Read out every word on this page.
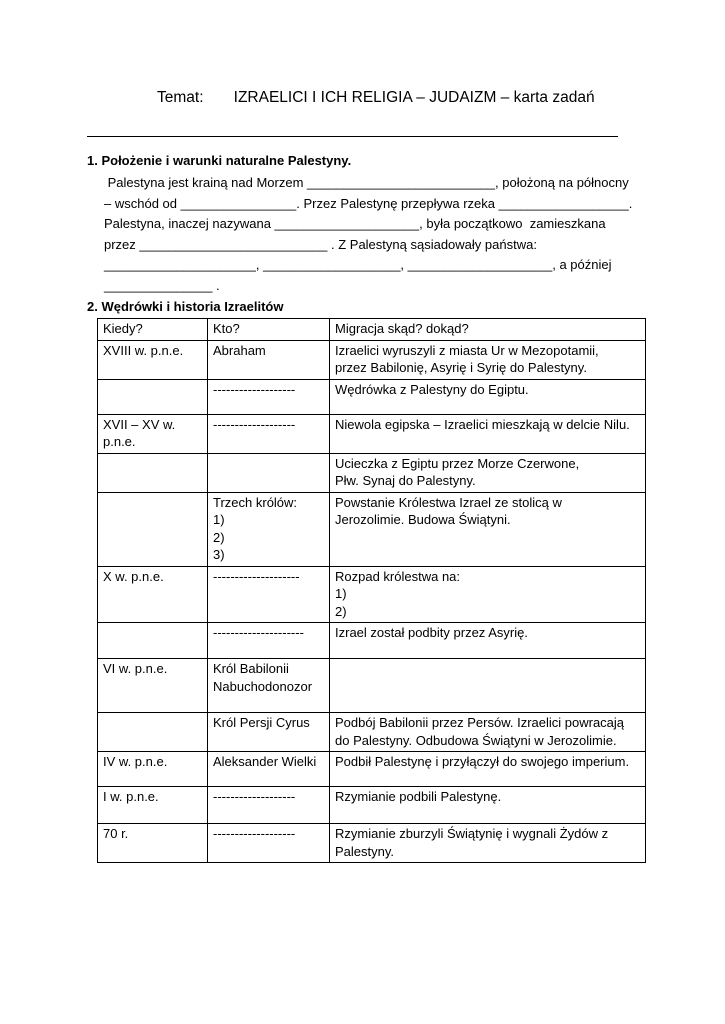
Temat:       IZRAELICI I ICH RELIGIA – JUDAIZM – karta zadań
1. Położenie i warunki naturalne Palestyny.
Palestyna jest krainą nad Morzem __________________________, położoną na północny
– wschód od ________________. Przez Palestynę przepływa rzeka __________________.
Palestyna, inaczej nazywana ____________________, była początkowo  zamieszkana
przez __________________________ . Z Palestyną sąsiadowały państwa:
_____________________, ___________________, ____________________, a później
_______________ .
2. Wędrówki i historia Izraelitów
Kiedy?	Kto?	Migracja skąd? dokąd?
XVIII w. p.n.e.	Abraham	Izraelici wyruszyli z miasta Ur w Mezopotamii,
przez Babilonię, Asyrię i Syrię do Palestyny.
	-------------------	Wędrówka z Palestyny do Egiptu.
XVII – XV w.
p.n.e.	-------------------	Niewola egipska – Izraelici mieszkają w delcie Nilu.
		Ucieczka z Egiptu przez Morze Czerwone,
Płw. Synaj do Palestyny.
	Trzech królów:
1)
2)
3)	Powstanie Królestwa Izrael ze stolicą w
Jerozolimie. Budowa Świątyni.
X w. p.n.e.	--------------------	Rozpad królestwa na:
1)
2)
	---------------------	Izrael został podbity przez Asyrię.
VI w. p.n.e.	Król Babilonii
Nabuchodonozor	
	Król Persji Cyrus	Podbój Babilonii przez Persów. Izraelici powracają
do Palestyny. Odbudowa Świątyni w Jerozolimie.
IV w. p.n.e.	Aleksander Wielki	Podbił Palestynę i przyłączył do swojego imperium.
I w. p.n.e.	-------------------	Rzymianie podbili Palestynę.
70 r.	-------------------	Rzymianie zburzyli Świątynię i wygnali Żydów z
Palestyny.
